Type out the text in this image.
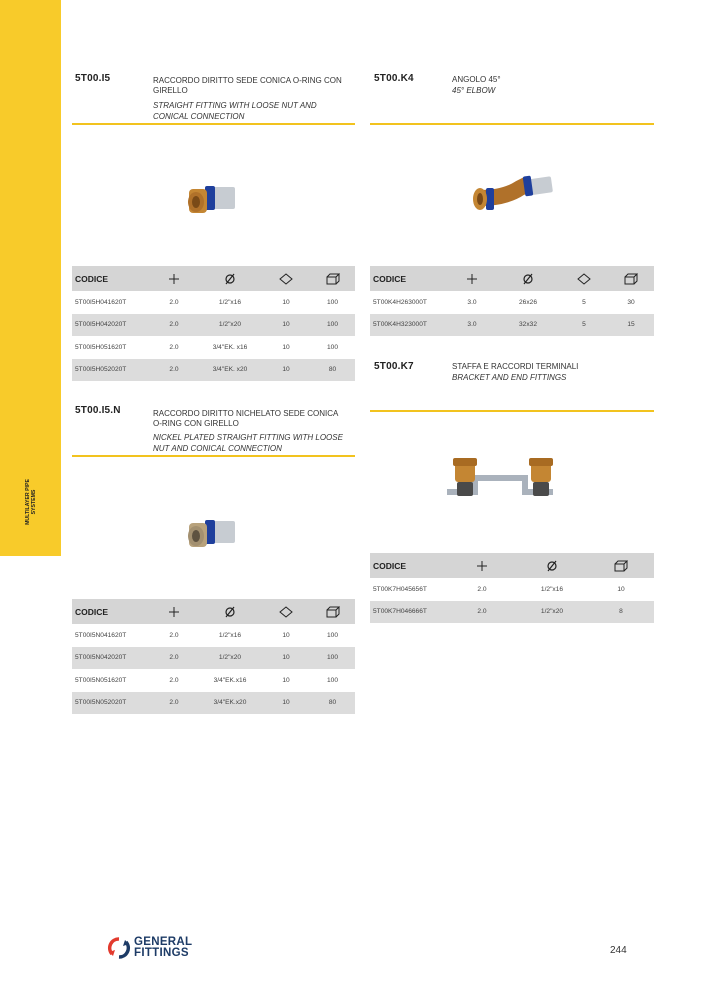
MULTILAYER PIPE SYSTEMS
5T00.I5	RACCORDO DIRITTO SEDE CONICA O-RING CON GIRELLO
STRAIGHT FITTING WITH LOOSE NUT AND CONICAL CONNECTION
CODICE	

5T00I5H041620T	2.0	1/2"x16	10	100
5T00I5H042020T	2.0	1/2"x20	10	100
5T00I5H051620T	2.0	3/4"EK. x16	10	100
5T00I5H052020T	2.0	3/4"EK. x20	10	80
5T00.K4	ANGOLO 45°
45° ELBOW
CODICE	

5T00K4H263000T	3.0	26x26	5	30
5T00K4H323000T	3.0	32x32	5	15
5T00.I5.N	RACCORDO DIRITTO NICHELATO SEDE CONICA O-RING CON GIRELLO
NICKEL PLATED STRAIGHT FITTING WITH LOOSE NUT AND CONICAL CONNECTION
CODICE	

5T00I5N041620T	2.0	1/2"x16	10	100
5T00I5N042020T	2.0	1/2"x20	10	100
5T00I5N051620T	2.0	3/4"EK.x16	10	100
5T00I5N052020T	2.0	3/4"EK.x20	10	80
5T00.K7	STAFFA E RACCORDI TERMINALI
BRACKET AND END FITTINGS
CODICE	

5T00K7H045656T	2.0	1/2"x16	10
5T00K7H046666T	2.0	1/2"x20	8
GENERAL
FITTINGS	244
